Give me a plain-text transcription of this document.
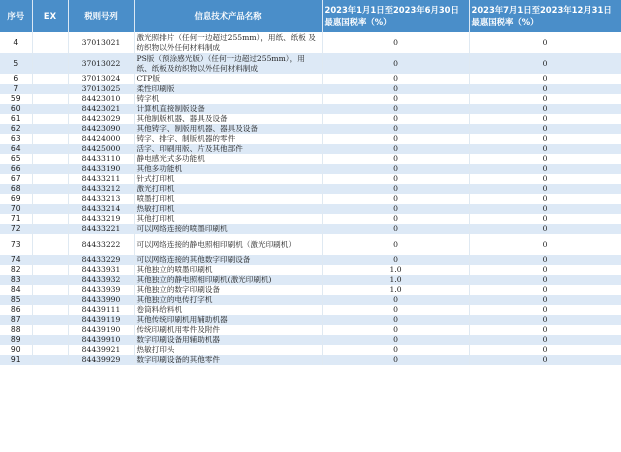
序号	EX	税则号列	信息技术产品名称	2023年1月1日至2023年6月30日最惠国税率（%）	2023年7月1日至2023年12月31日最惠国税率（%）
4		37013021	激光照排片（任何一边超过255mm），用纸、纸板 及纺织物以外任何材料制成	0	0
5		37013022	PS版（预涂感光版）（任何一边超过255mm），用纸、纸板及纺织物以外任何材料制成	0	0
6		37013024	CTP版	0	0
7		37013025	柔性印刷版	0	0
59		84423010	铸字机	0	0
60		84423021	计算机直接制版设备	0	0
61		84423029	其他制版机器、器具及设备	0	0
62		84423090	其他铸字、制版用机器、器具及设备	0	0
63		84424000	铸字、排字、制版机器的零件	0	0
64		84425000	活字、印刷用版、片及其他部件	0	0
65		84433110	静电感光式多功能机	0	0
66		84433190	其他多功能机	0	0
67		84433211	针式打印机	0	0
68		84433212	激光打印机	0	0
69		84433213	喷墨打印机	0	0
70		84433214	热敏打印机	0	0
71		84433219	其他打印机	0	0
72		84433221	可以网络连接的喷墨印刷机	0	0
73		84433222	可以网络连接的静电照相印刷机（激光印刷机）	0	0
74		84433229	可以网络连接的其他数字印刷设备	0	0
82		84433931	其他独立的喷墨印刷机	1.0	0
83		84433932	其他独立的静电照相印刷机(激光印刷机)	1.0	0
84		84433939	其他独立的数字印刷设备	1.0	0
85		84433990	其他独立的电传打字机	0	0
86		84439111	卷筒料给料机	0	0
87		84439119	其他传统印刷机用辅助机器	0	0
88		84439190	传统印刷机用零件及附件	0	0
89		84439910	数字印刷设备用辅助机器	0	0
90		84439921	热敏打印头	0	0
91		84439929	数字印刷设备的其他零件	0	0
